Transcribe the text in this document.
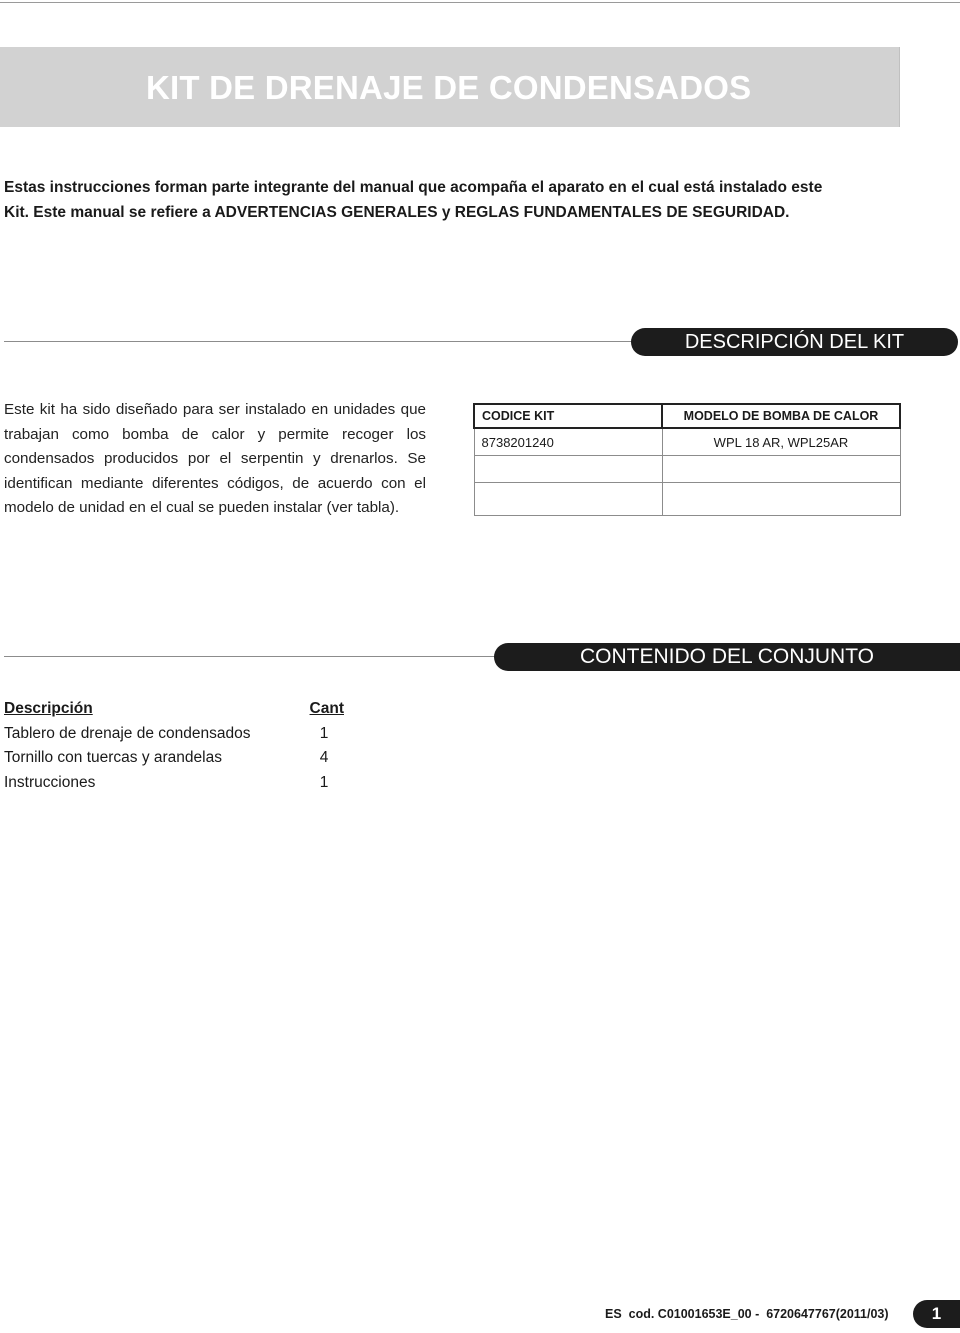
KIT DE DRENAJE DE CONDENSADOS

Estas instrucciones forman parte integrante del manual que acompaña el aparato en el cual está instalado este

Kit. Este manual se refiere a ADVERTENCIAS GENERALES y REGLAS FUNDAMENTALES DE SEGURIDAD.

DESCRIPCIÓN DEL KIT

Este kit ha sido diseñado para ser instalado en unidades que trabajan como bomba de calor y permite recoger los condensados producidos por el serpentin y drenarlos. Se identifican mediante diferentes códigos, de acuerdo con el modelo de unidad en el cual se pueden instalar (ver tabla).

CODICE KIT	MODELO DE BOMBA DE CALOR
8738201240	WPL 18 AR, WPL25AR

CONTENIDO DEL CONJUNTO
Descripción	Cant
Tablero de drenaje de condensados	1
Tornillo con tuercas y arandelas	4
Instrucciones	1
ES  cod. C01001653E_00 -  6720647767(2011/03)	1
